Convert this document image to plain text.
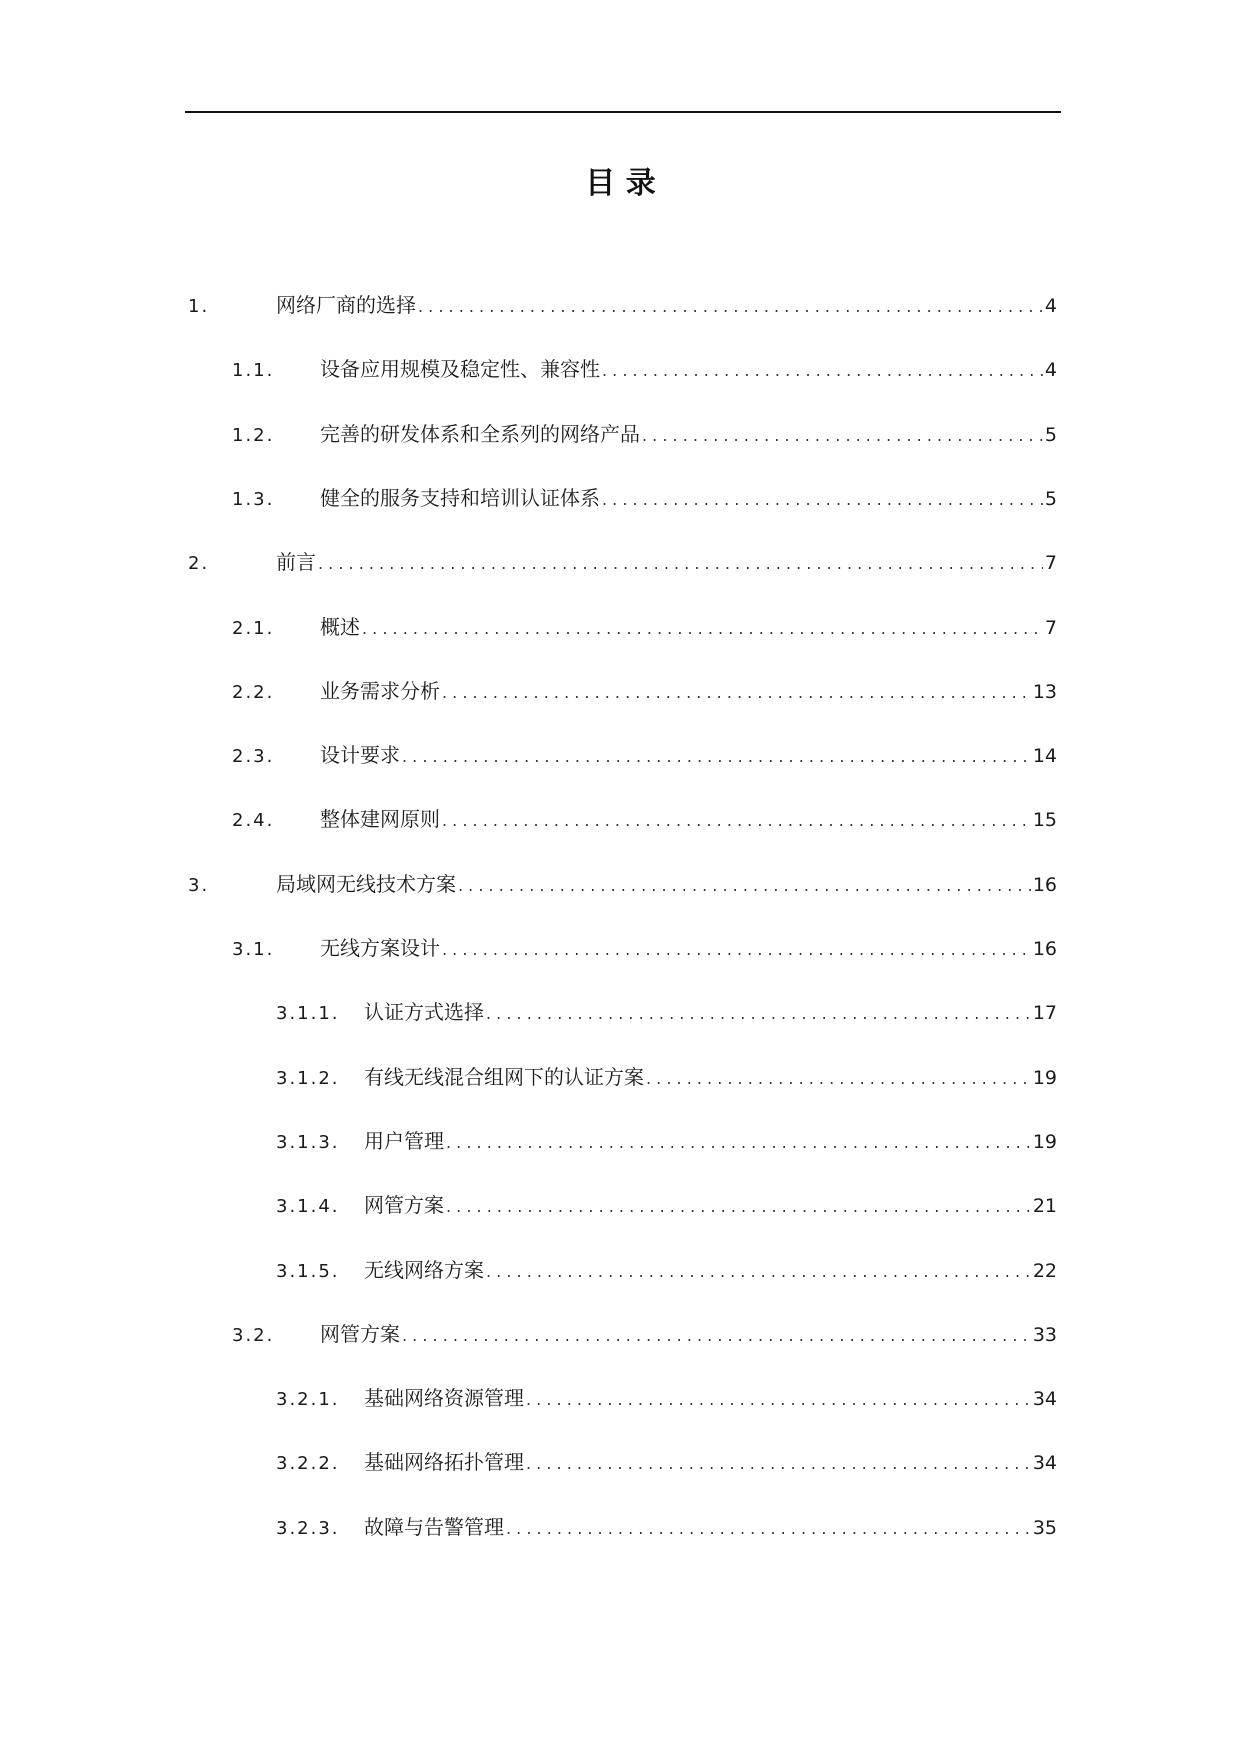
目 录
1.	网络厂商的选择 . . .	4
1.1.	设备应用规模及稳定性、兼容性 . . .	4
1.2.	完善的研发体系和全系列的网络产品 . . .	5
1.3.	健全的服务支持和培训认证体系 . . .	5
2.	前言 . . .	7
2.1.	概述 . . .	7
2.2.	业务需求分析 . . .	13
2.3.	设计要求 . . .	14
2.4.	整体建网原则 . . .	15
3.	局域网无线技术方案 . . .	16
3.1.	无线方案设计 . . .	16
3.1.1.	认证方式选择 . . .	17
3.1.2.	有线无线混合组网下的认证方案 . . .	19
3.1.3.	用户管理 . . .	19
3.1.4.	网管方案 . . .	21
3.1.5.	无线网络方案 . . .	22
3.2.	网管方案 . . .	33
3.2.1.	基础网络资源管理 . . .	34
3.2.2.	基础网络拓扑管理 . . .	34
3.2.3.	故障与告警管理 . . .	35
